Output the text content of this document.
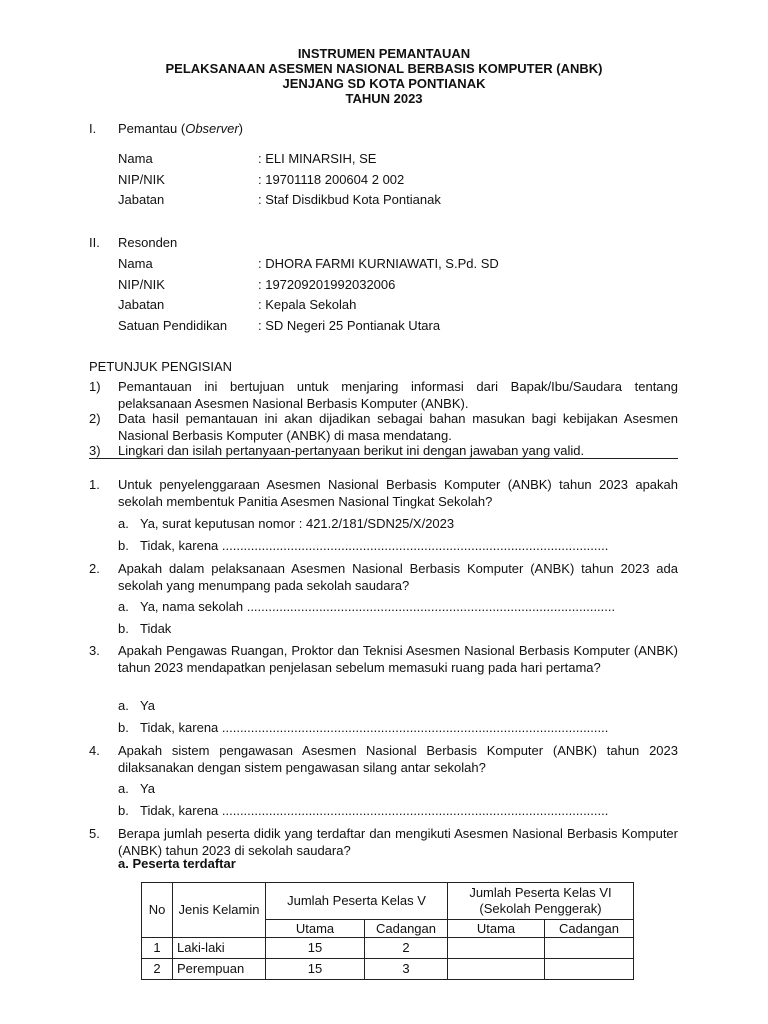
INSTRUMEN PEMANTAUAN
PELAKSANAAN ASESMEN NASIONAL BERBASIS KOMPUTER (ANBK)
JENJANG SD KOTA PONTIANAK
TAHUN 2023
I. Pemantau (Observer)
Nama	: ELI MINARSIH, SE
NIP/NIK	: 19701118 200604 2 002
Jabatan	: Staf Disdikbud Kota Pontianak
II. Resonden
Nama	: DHORA FARMI KURNIAWATI, S.Pd. SD
NIP/NIK	: 197209201992032006
Jabatan	: Kepala Sekolah
Satuan Pendidikan : SD Negeri 25 Pontianak Utara
PETUNJUK PENGISIAN
1) Pemantauan ini bertujuan untuk menjaring informasi dari Bapak/Ibu/Saudara tentang pelaksanaan Asesmen Nasional Berbasis Komputer (ANBK).
2) Data hasil pemantauan ini akan dijadikan sebagai bahan masukan bagi kebijakan Asesmen Nasional Berbasis Komputer (ANBK) di masa mendatang.
3) Lingkari dan isilah pertanyaan-pertanyaan berikut ini dengan jawaban yang valid.
1. Untuk penyelenggaraan Asesmen Nasional Berbasis Komputer (ANBK) tahun 2023 apakah sekolah membentuk Panitia Asesmen Nasional Tingkat Sekolah?
a. Ya, surat keputusan nomor : 421.2/181/SDN25/X/2023
b. Tidak, karena ...........................................................................................................
2. Apakah dalam pelaksanaan Asesmen Nasional Berbasis Komputer (ANBK) tahun 2023 ada sekolah yang menumpang pada sekolah saudara?
a. Ya, nama sekolah ......................................................................................................
b. Tidak
3. Apakah Pengawas Ruangan, Proktor dan Teknisi Asesmen Nasional Berbasis Komputer (ANBK) tahun 2023 mendapatkan penjelasan sebelum memasuki ruang pada hari pertama?
a. Ya
b. Tidak, karena ...........................................................................................................
4. Apakah sistem pengawasan Asesmen Nasional Berbasis Komputer (ANBK) tahun 2023 dilaksanakan dengan sistem pengawasan silang antar sekolah?
a. Ya
b. Tidak, karena ...........................................................................................................
5. Berapa jumlah peserta didik yang terdaftar dan mengikuti Asesmen Nasional Berbasis Komputer (ANBK) tahun 2023 di sekolah saudara?
a. Peserta terdaftar
No	Jenis Kelamin	Jumlah Peserta Kelas V		Jumlah Peserta Kelas VI (Sekolah Penggerak)	
		Utama	Cadangan	Utama	Cadangan
1	Laki-laki	15	2		
2	Perempuan	15	3		
